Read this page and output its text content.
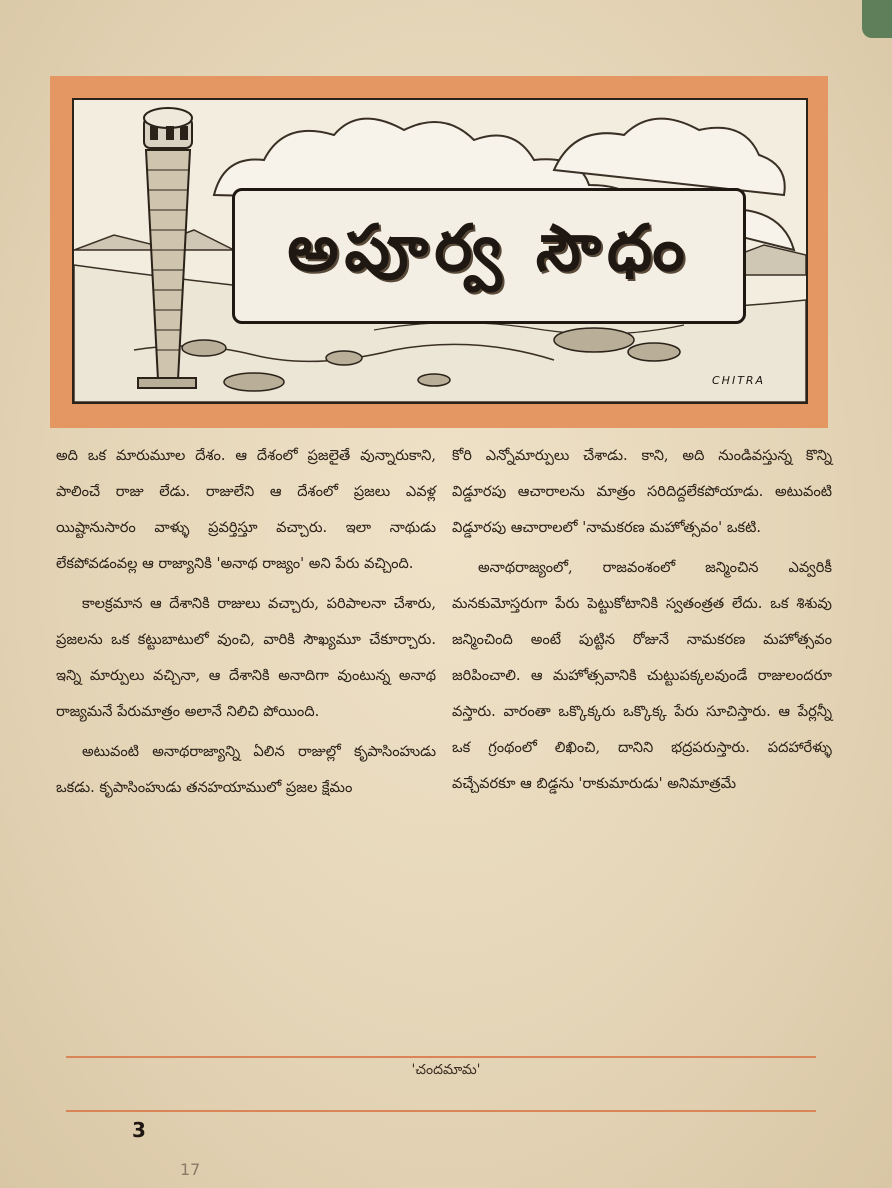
అపూర్వ సౌధం
CHITRA

అది ఒక మారుమూల దేశం. ఆ దేశంలో ప్రజలైతే వున్నారుకాని, పాలించే రాజు లేడు. రాజులేని ఆ దేశంలో ప్రజలు ఎవళ్ల యిష్టానుసారం వాళ్ళు ప్రవర్తిస్తూ వచ్చారు. ఇలా నాథుడు లేకపోవడంవల్ల ఆ రాజ్యానికి 'అనాథ రాజ్యం' అని పేరు వచ్చింది.

కాలక్రమాన ఆ దేశానికి రాజులు వచ్చారు, పరిపాలనా చేశారు, ప్రజలను ఒక కట్టుబాటులో వుంచి, వారికి సౌఖ్యమూ చేకూర్చారు. ఇన్ని మార్పులు వచ్చినా, ఆ దేశానికి అనాదిగా వుంటున్న అనాథ రాజ్యమనే పేరుమాత్రం అలానే నిలిచి పోయింది.

అటువంటి అనాథరాజ్యాన్ని ఏలిన రాజుల్లో కృపాసింహుడు ఒకడు. కృపాసింహుడు తనహయాములో ప్రజల క్షేమం

కోరి ఎన్నోమార్పులు చేశాడు. కాని, అది నుండివస్తున్న కొన్ని విడ్డూరపు ఆచారాలను మాత్రం సరిదిద్దలేకపోయాడు. అటువంటి విడ్డూరపు ఆచారాలలో 'నామకరణ మహోత్సవం' ఒకటి.

అనాథరాజ్యంలో, రాజవంశంలో జన్మించిన ఎవ్వరికీ మనకుమోస్తరుగా పేరు పెట్టుకోటానికి స్వతంత్రత లేదు. ఒక శిశువు జన్మించింది అంటే పుట్టిన రోజునే నామకరణ మహోత్సవం జరిపించాలి. ఆ మహోత్సవానికి చుట్టుపక్కలవుండే రాజులందరూ వస్తారు. వారంతా ఒక్కొక్కరు ఒక్కొక్క పేరు సూచిస్తారు. ఆ పేర్లన్నీ ఒక గ్రంథంలో లిఖించి, దానిని భద్రపరుస్తారు. పదహారేళ్ళు వచ్చేవరకూ ఆ బిడ్డను 'రాకుమారుడు' అనిమాత్రమే

'చందమామ'
3
17
